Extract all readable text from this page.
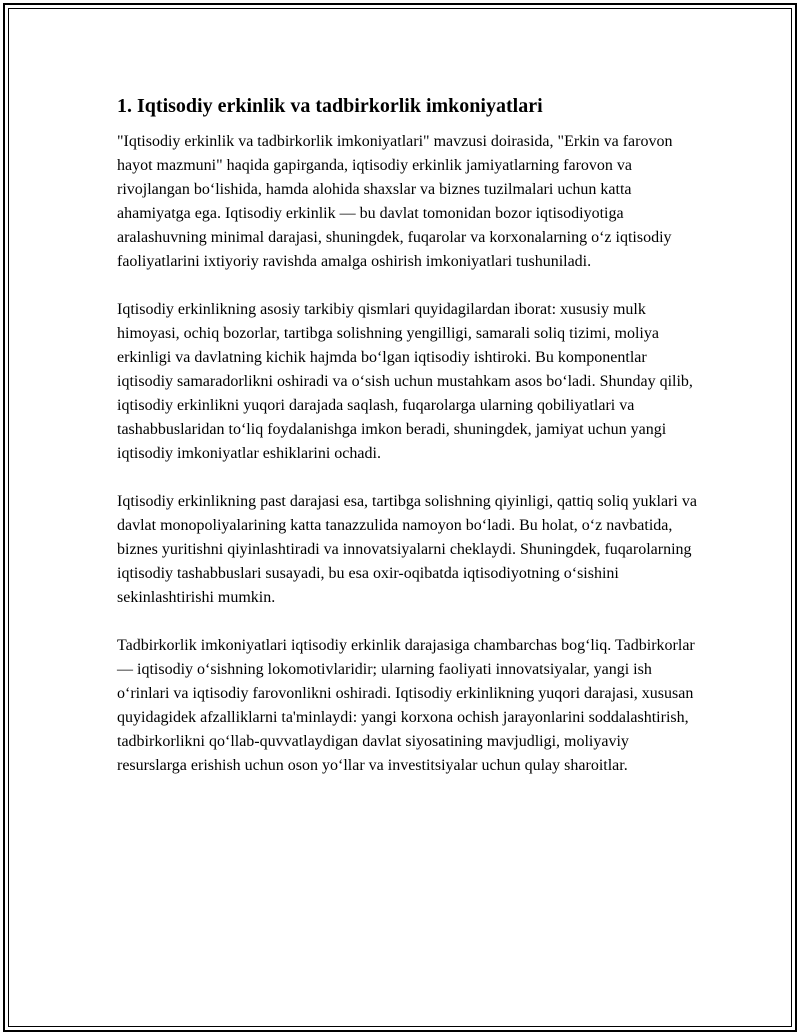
1. Iqtisodiy erkinlik va tadbirkorlik imkoniyatlari

"Iqtisodiy erkinlik va tadbirkorlik imkoniyatlari" mavzusi doirasida, "Erkin va farovon hayot mazmuni" haqida gapirganda, iqtisodiy erkinlik jamiyatlarning farovon va rivojlangan boʻlishida, hamda alohida shaxslar va biznes tuzilmalari uchun katta ahamiyatga ega. Iqtisodiy erkinlik — bu davlat tomonidan bozor iqtisodiyotiga aralashuvning minimal darajasi, shuningdek, fuqarolar va korxonalarning oʻz iqtisodiy faoliyatlarini ixtiyoriy ravishda amalga oshirish imkoniyatlari tushuniladi.

Iqtisodiy erkinlikning asosiy tarkibiy qismlari quyidagilardan iborat: xususiy mulk himoyasi, ochiq bozorlar, tartibga solishning yengilligi, samarali soliq tizimi, moliya erkinligi va davlatning kichik hajmda boʻlgan iqtisodiy ishtiroki. Bu komponentlar iqtisodiy samaradorlikni oshiradi va oʻsish uchun mustahkam asos boʻladi. Shunday qilib, iqtisodiy erkinlikni yuqori darajada saqlash, fuqarolarga ularning qobiliyatlari va tashabbuslaridan toʻliq foydalanishga imkon beradi, shuningdek, jamiyat uchun yangi iqtisodiy imkoniyatlar eshiklarini ochadi.

Iqtisodiy erkinlikning past darajasi esa, tartibga solishning qiyinligi, qattiq soliq yuklari va davlat monopoliyalarining katta tanazzulida namoyon boʻladi. Bu holat, oʻz navbatida, biznes yuritishni qiyinlashtiradi va innovatsiyalarni cheklaydi. Shuningdek, fuqarolarning iqtisodiy tashabbuslari susayadi, bu esa oxir-oqibatda iqtisodiyotning oʻsishini sekinlashtirishi mumkin.

Tadbirkorlik imkoniyatlari iqtisodiy erkinlik darajasiga chambarchas bogʻliq. Tadbirkorlar — iqtisodiy oʻsishning lokomotivlaridir; ularning faoliyati innovatsiyalar, yangi ish oʻrinlari va iqtisodiy farovonlikni oshiradi. Iqtisodiy erkinlikning yuqori darajasi, xususan quyidagidek afzalliklarni ta'minlaydi: yangi korxona ochish jarayonlarini soddalashtirish, tadbirkorlikni qoʻllab-quvvatlaydigan davlat siyosatining mavjudligi, moliyaviy resurslarga erishish uchun oson yoʻllar va investitsiyalar uchun qulay sharoitlar.
